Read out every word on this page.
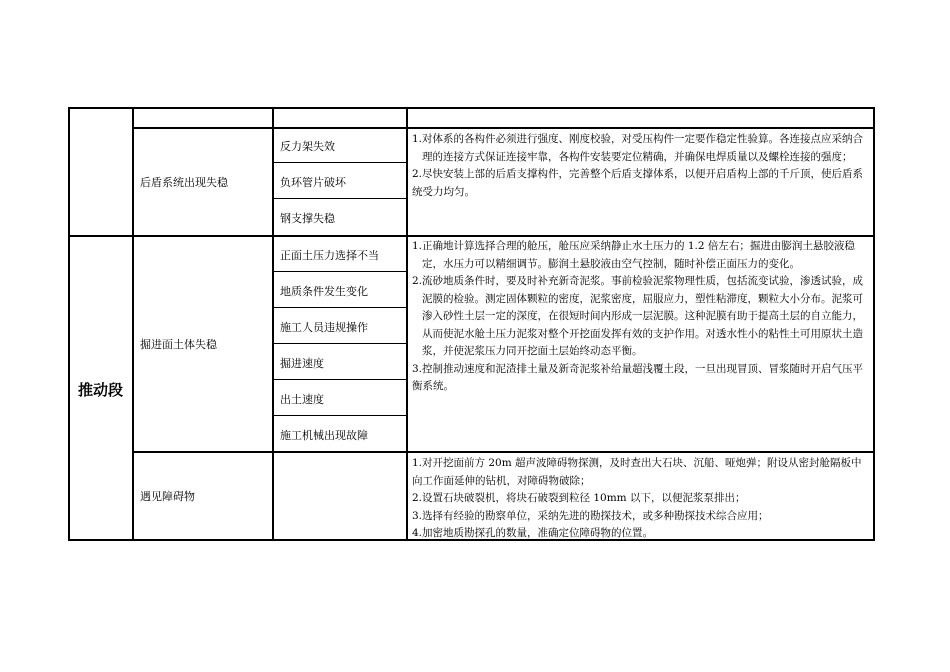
推动段
后盾系统出现失稳
反力架失效
负环管片破坏
钢支撑失稳

1.对体系的各构件必须进行强度、刚度校验，对受压构件一定要作稳定性验算。各连接点应采纳合理的连接方式保证连接牢靠，各构件安装要定位精确，并确保电焊质量以及螺栓连接的强度；

2.尽快安装上部的后盾支撑构件，完善整个后盾支撑体系，以便开启盾构上部的千斤顶，使后盾系统受力均匀。

掘进面土体失稳
正面土压力选择不当
地质条件发生变化
施工人员违规操作
掘进速度
出土速度
施工机械出现故障

1.正确地计算选择合理的舱压，舱压应采纳静止水土压力的 1.2 倍左右；掘进由膨润土悬胶液稳定，水压力可以精细调节。膨润土悬胶液由空气控制，随时补偿正面压力的变化。

2.流砂地质条件时，要及时补充新奇泥浆。事前检验泥浆物理性质，包括流变试验，渗透试验，成泥膜的检验。测定固体颗粒的密度，泥浆密度，屈服应力，塑性粘滞度，颗粒大小分布。泥浆可渗入砂性土层一定的深度，在很短时间内形成一层泥膜。这种泥膜有助于提高土层的自立能力，从而使泥水舱土压力泥浆对整个开挖面发挥有效的支护作用。对透水性小的粘性土可用原状土造浆，并使泥浆压力同开挖面土层始终动态平衡。

3.控制推动速度和泥渣排土量及新奇泥浆补给量超浅覆土段，一旦出现冒顶、冒浆随时开启气压平衡系统。

遇见障碍物

1.对开挖面前方 20m 超声波障碍物探测，及时查出大石块、沉船、哑炮弹；附设从密封舱隔板中向工作面延伸的钻机，对障碍物破除；

2.设置石块破裂机，将块石破裂到粒径 10mm 以下，以便泥浆泵排出；

3.选择有经验的勘察单位，采纳先进的勘探技术，或多种勘探技术综合应用；

4.加密地质勘探孔的数量，准确定位障碍物的位置。
